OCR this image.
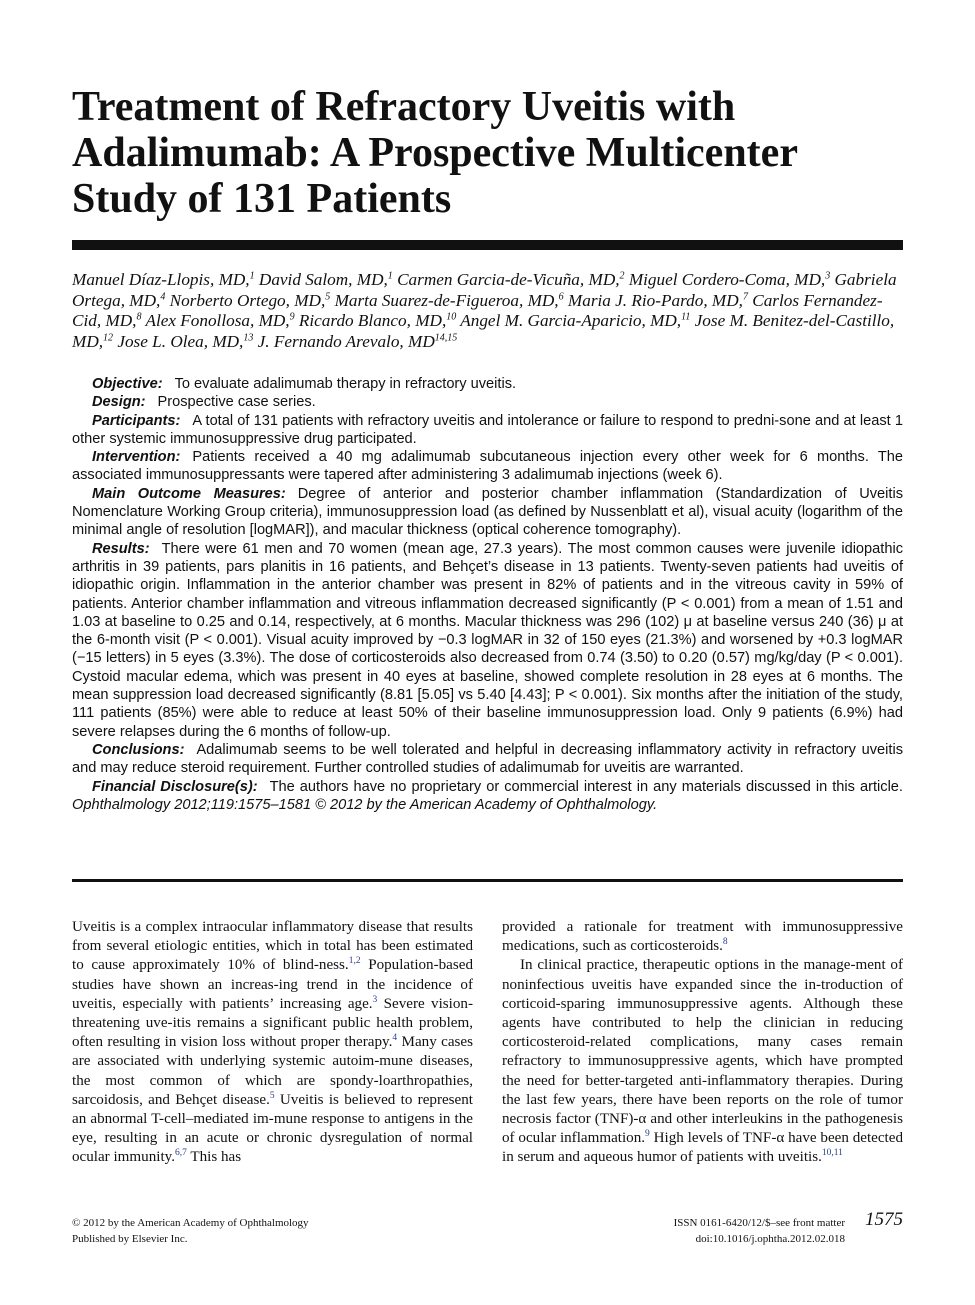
Treatment of Refractory Uveitis with
Adalimumab: A Prospective Multicenter
Study of 131 Patients
Manuel Díaz-Llopis, MD,$^1$ David Salom, MD,$^1$ Carmen Garcia-de-Vicuña, MD,$^2$ Miguel Cordero-Coma, MD,$^3$ Gabriela Ortega, MD,$^4$ Norberto Ortego, MD,$^5$ Marta Suarez-de-Figueroa, MD,$^6$ Maria J. Rio-Pardo, MD,$^7$ Carlos Fernandez-Cid, MD,$^8$ Alex Fonollosa, MD,$^9$ Ricardo Blanco, MD,$^{10}$ Angel M. Garcia-Aparicio, MD,$^{11}$ Jose M. Benitez-del-Castillo, MD,$^{12}$ Jose L. Olea, MD,$^{13}$ J. Fernando Arevalo, MD$^{14,15}$

Objective: To evaluate adalimumab therapy in refractory uveitis.

Design: Prospective case series.

Participants: A total of 131 patients with refractory uveitis and intolerance or failure to respond to predni-sone and at least 1 other systemic immunosuppressive drug participated.

Intervention: Patients received a 40 mg adalimumab subcutaneous injection every other week for 6 months. The associated immunosuppressants were tapered after administering 3 adalimumab injections (week 6).

Main Outcome Measures: Degree of anterior and posterior chamber inflammation (Standardization of Uveitis Nomenclature Working Group criteria), immunosuppression load (as defined by Nussenblatt et al), visual acuity (logarithm of the minimal angle of resolution [logMAR]), and macular thickness (optical coherence tomography).

Results: There were 61 men and 70 women (mean age, 27.3 years). The most common causes were juvenile idiopathic arthritis in 39 patients, pars planitis in 16 patients, and Behçet’s disease in 13 patients. Twenty-seven patients had uveitis of idiopathic origin. Inflammation in the anterior chamber was present in 82% of patients and in the vitreous cavity in 59% of patients. Anterior chamber inflammation and vitreous inflammation decreased significantly (P < 0.001) from a mean of 1.51 and 1.03 at baseline to 0.25 and 0.14, respectively, at 6 months. Macular thickness was 296 (102) μ at baseline versus 240 (36) μ at the 6-month visit (P < 0.001). Visual acuity improved by −0.3 logMAR in 32 of 150 eyes (21.3%) and worsened by +0.3 logMAR (−15 letters) in 5 eyes (3.3%). The dose of corticosteroids also decreased from 0.74 (3.50) to 0.20 (0.57) mg/kg/day (P < 0.001). Cystoid macular edema, which was present in 40 eyes at baseline, showed complete resolution in 28 eyes at 6 months. The mean suppression load decreased significantly (8.81 [5.05] vs 5.40 [4.43]; P < 0.001). Six months after the initiation of the study, 111 patients (85%) were able to reduce at least 50% of their baseline immunosuppression load. Only 9 patients (6.9%) had severe relapses during the 6 months of follow-up.

Conclusions: Adalimumab seems to be well tolerated and helpful in decreasing inflammatory activity in refractory uveitis and may reduce steroid requirement. Further controlled studies of adalimumab for uveitis are warranted.

Financial Disclosure(s): The authors have no proprietary or commercial interest in any materials discussed in this article. Ophthalmology 2012;119:1575–1581 © 2012 by the American Academy of Ophthalmology.

Uveitis is a complex intraocular inflammatory disease that results from several etiologic entities, which in total has been estimated to cause approximately 10% of blind-ness.$^{1,2}$ Population-based studies have shown an increas-ing trend in the incidence of uveitis, especially with patients’ increasing age.$^3$ Severe vision-threatening uve-itis remains a significant public health problem, often resulting in vision loss without proper therapy.$^4$ Many cases are associated with underlying systemic autoim-mune diseases, the most common of which are spondy-loarthropathies, sarcoidosis, and Behçet disease.$^5$ Uveitis is believed to represent an abnormal T-cell–mediated im-mune response to antigens in the eye, resulting in an acute or chronic dysregulation of normal ocular immunity.$^{6,7}$ This has

provided a rationale for treatment with immunosuppressive medications, such as corticosteroids.$^8$

In clinical practice, therapeutic options in the manage-ment of noninfectious uveitis have expanded since the in-troduction of corticoid-sparing immunosuppressive agents. Although these agents have contributed to help the clinician in reducing corticosteroid-related complications, many cases remain refractory to immunosuppressive agents, which have prompted the need for better-targeted anti-inflammatory therapies. During the last few years, there have been reports on the role of tumor necrosis factor (TNF)-α and other interleukins in the pathogenesis of ocular inflammation.$^9$ High levels of TNF-α have been detected in serum and aqueous humor of patients with uveitis.$^{10,11}$

© 2012 by the American Academy of Ophthalmology
Published by Elsevier Inc.
ISSN 0161-6420/12/$–see front matter
doi:10.1016/j.ophtha.2012.02.018
1575
